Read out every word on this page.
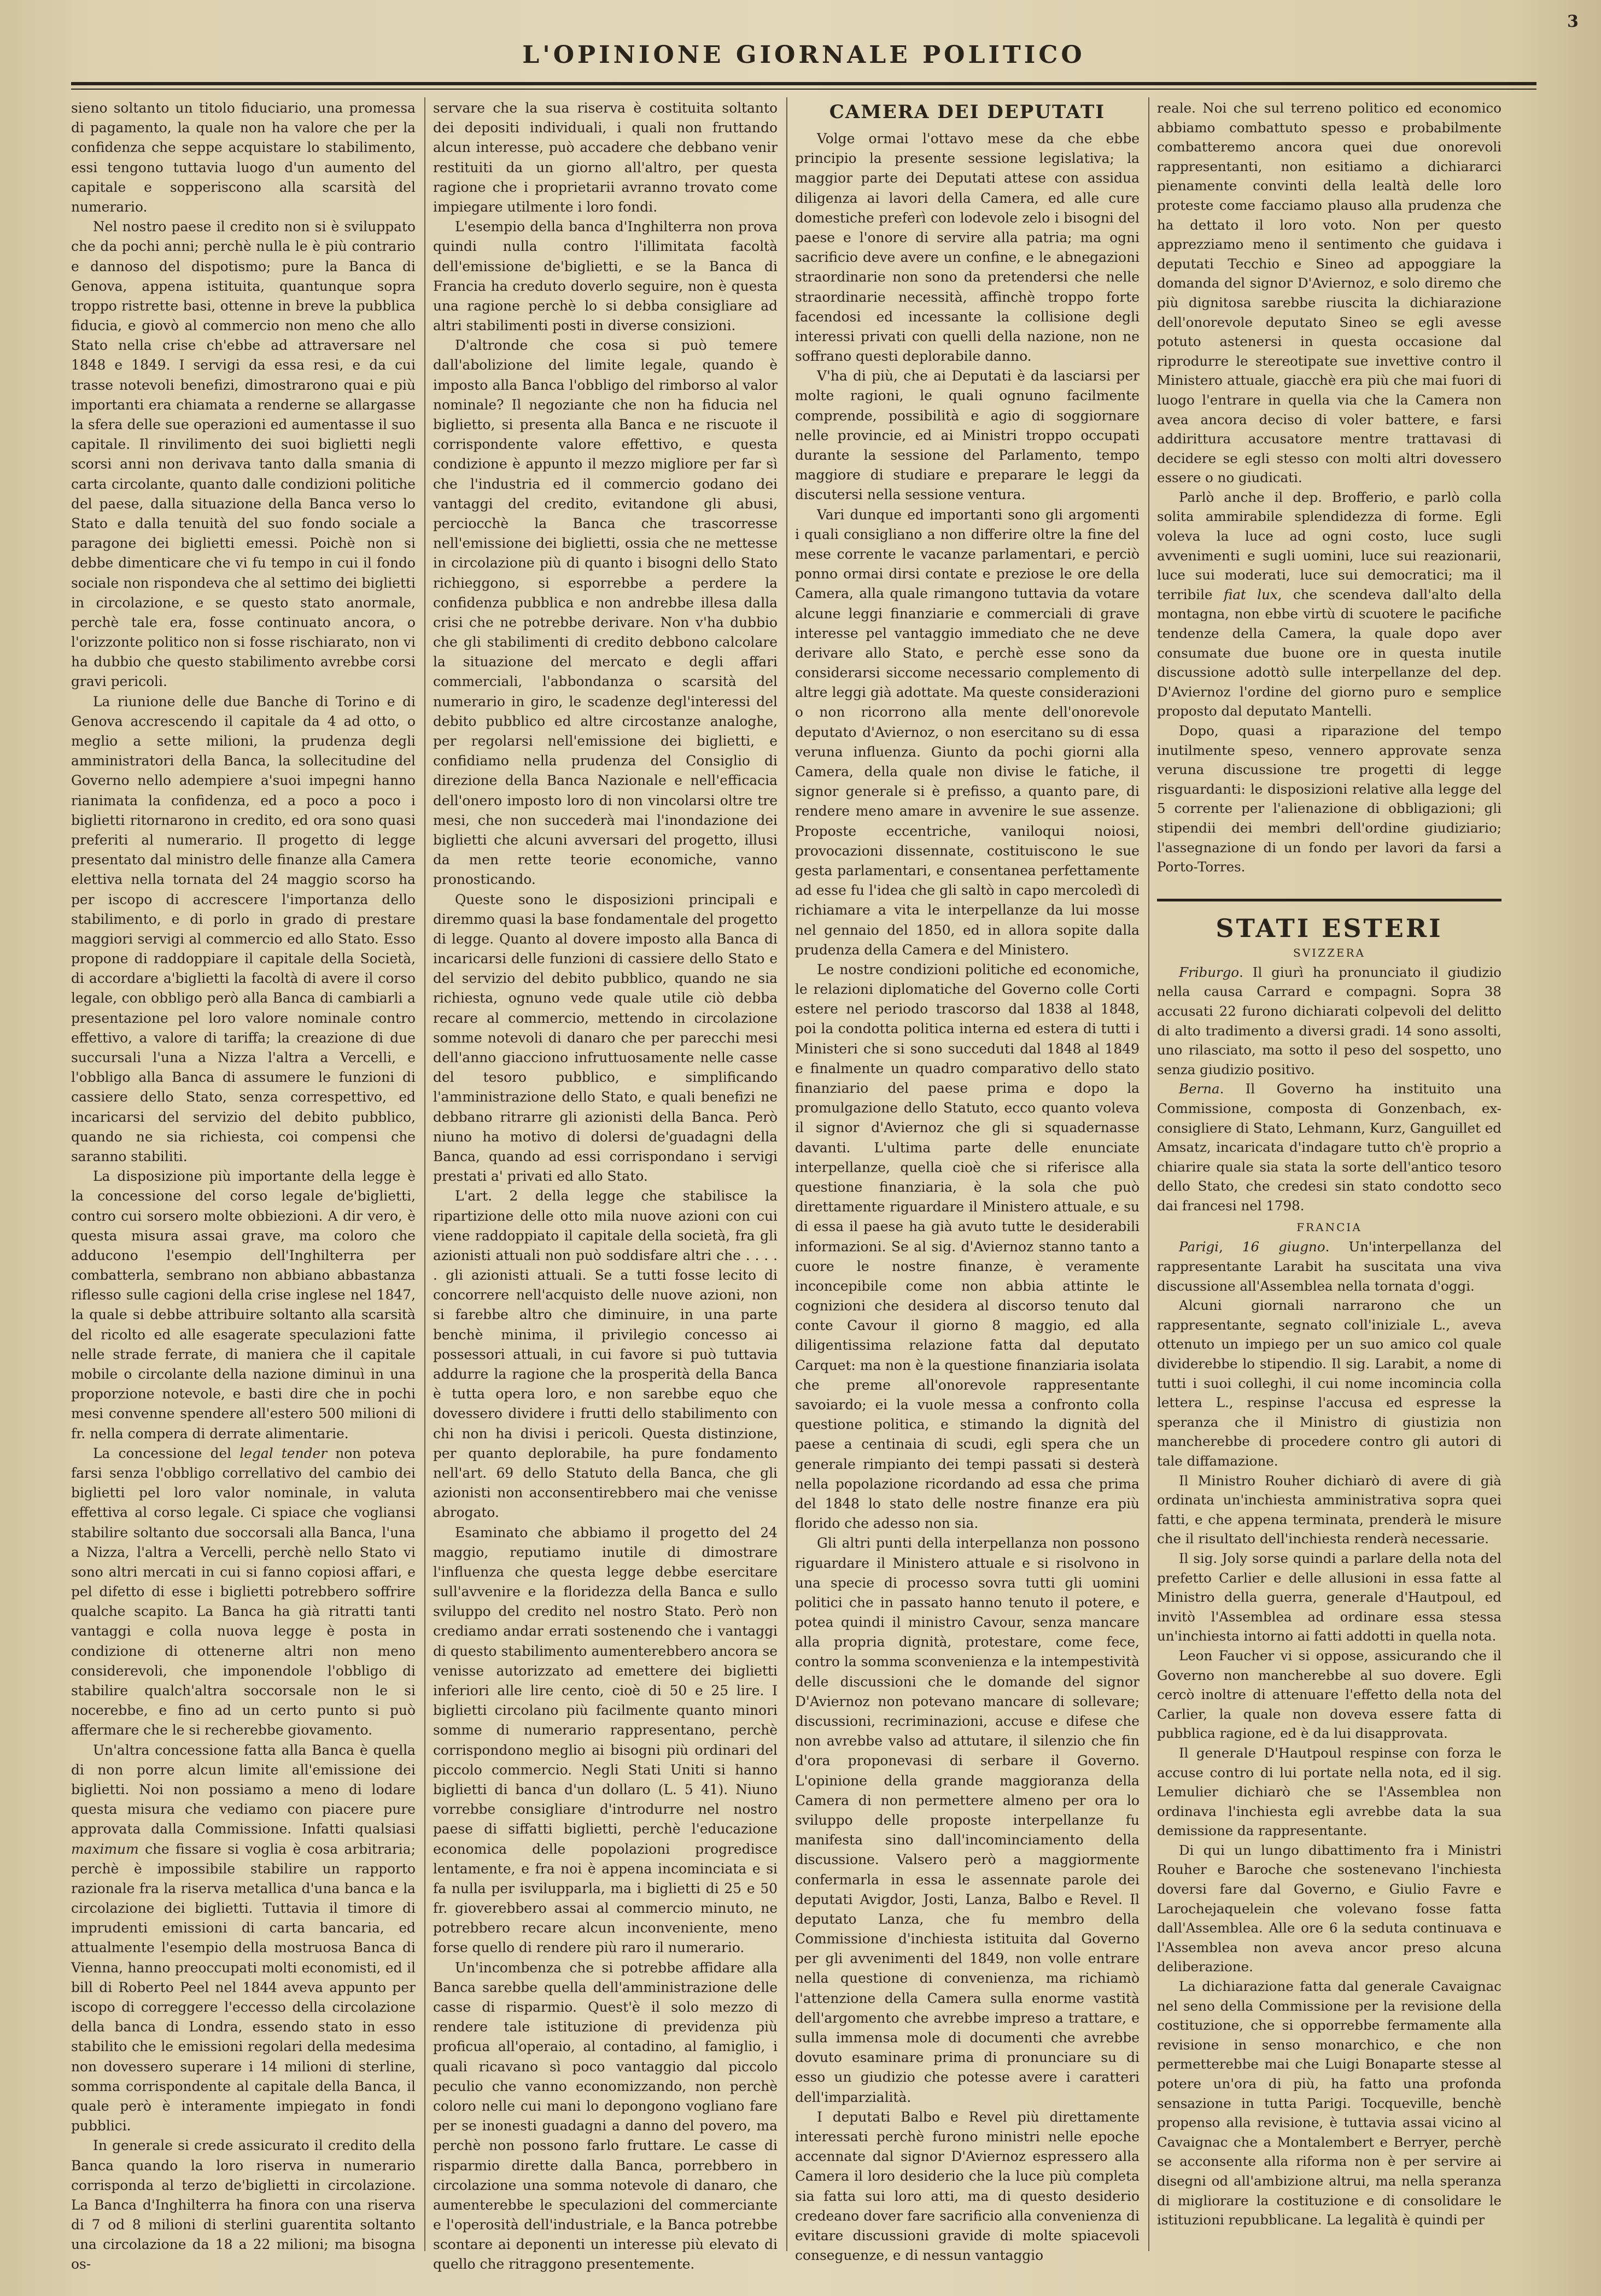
3
L'OPINIONE GIORNALE POLITICO

sieno soltanto un titolo fiduciario, una promessa di pagamento, la quale non ha valore che per la confidenza che seppe acquistare lo stabilimento, essi tengono tuttavia luogo d'un aumento del capitale e sopperiscono alla scarsità del numerario.

Nel nostro paese il credito non si è sviluppato che da pochi anni; perchè nulla le è più contrario e dannoso del dispotismo; pure la Banca di Genova, appena istituita, quantunque sopra troppo ristrette basi, ottenne in breve la pubblica fiducia, e giovò al commercio non meno che allo Stato nella crise ch'ebbe ad attraversare nel 1848 e 1849. I servigi da essa resi, e da cui trasse notevoli benefizi, dimostrarono quai e più importanti era chiamata a renderne se allargasse la sfera delle sue operazioni ed aumentasse il suo capitale. Il rinvilimento dei suoi biglietti negli scorsi anni non derivava tanto dalla smania di carta circolante, quanto dalle condizioni politiche del paese, dalla situazione della Banca verso lo Stato e dalla tenuità del suo fondo sociale a paragone dei biglietti emessi. Poichè non si debbe dimenticare che vi fu tempo in cui il fondo sociale non rispondeva che al settimo dei biglietti in circolazione, e se questo stato anormale, perchè tale era, fosse continuato ancora, o l'orizzonte politico non si fosse rischiarato, non vi ha dubbio che questo stabilimento avrebbe corsi gravi pericoli.

La riunione delle due Banche di Torino e di Genova accrescendo il capitale da 4 ad otto, o meglio a sette milioni, la prudenza degli amministratori della Banca, la sollecitudine del Governo nello adempiere a'suoi impegni hanno rianimata la confidenza, ed a poco a poco i biglietti ritornarono in credito, ed ora sono quasi preferiti al numerario. Il progetto di legge presentato dal ministro delle finanze alla Camera elettiva nella tornata del 24 maggio scorso ha per iscopo di accrescere l'importanza dello stabilimento, e di porlo in grado di prestare maggiori servigi al commercio ed allo Stato. Esso propone di raddoppiare il capitale della Società, di accordare a'biglietti la facoltà di avere il corso legale, con obbligo però alla Banca di cambiarli a presentazione pel loro valore nominale contro effettivo, a valore di tariffa; la creazione di due succursali l'una a Nizza l'altra a Vercelli, e l'obbligo alla Banca di assumere le funzioni di cassiere dello Stato, senza correspettivo, ed incaricarsi del servizio del debito pubblico, quando ne sia richiesta, coi compensi che saranno stabiliti.

La disposizione più importante della legge è la concessione del corso legale de'biglietti, contro cui sorsero molte obbiezioni. A dir vero, è questa misura assai grave, ma coloro che adducono l'esempio dell'Inghilterra per combatterla, sembrano non abbiano abbastanza riflesso sulle cagioni della crise inglese nel 1847, la quale si debbe attribuire soltanto alla scarsità del ricolto ed alle esagerate speculazioni fatte nelle strade ferrate, di maniera che il capitale mobile o circolante della nazione diminuì in una proporzione notevole, e basti dire che in pochi mesi convenne spendere all'estero 500 milioni di fr. nella compera di derrate alimentarie.

La concessione del legal tender non poteva farsi senza l'obbligo correllativo del cambio dei biglietti pel loro valor nominale, in valuta effettiva al corso legale. Ci spiace che vogliansi stabilire soltanto due soccorsali alla Banca, l'una a Nizza, l'altra a Vercelli, perchè nello Stato vi sono altri mercati in cui si fanno copiosi affari, e pel difetto di esse i biglietti potrebbero soffrire qualche scapito. La Banca ha già ritratti tanti vantaggi e colla nuova legge è posta in condizione di ottenerne altri non meno considerevoli, che imponendole l'obbligo di stabilire qualch'altra soccorsale non le si nocerebbe, e fino ad un certo punto si può affermare che le si recherebbe giovamento.

Un'altra concessione fatta alla Banca è quella di non porre alcun limite all'emissione dei biglietti. Noi non possiamo a meno di lodare questa misura che vediamo con piacere pure approvata dalla Commissione. Infatti qualsiasi maximum che fissare si voglia è cosa arbitraria; perchè è impossibile stabilire un rapporto razionale fra la riserva metallica d'una banca e la circolazione dei biglietti. Tuttavia il timore di imprudenti emissioni di carta bancaria, ed attualmente l'esempio della mostruosa Banca di Vienna, hanno preoccupati molti economisti, ed il bill di Roberto Peel nel 1844 aveva appunto per iscopo di correggere l'eccesso della circolazione della banca di Londra, essendo stato in esso stabilito che le emissioni regolari della medesima non dovessero superare i 14 milioni di sterline, somma corrispondente al capitale della Banca, il quale però è interamente impiegato in fondi pubblici.

In generale si crede assicurato il credito della Banca quando la loro riserva in numerario corrisponda al terzo de'biglietti in circolazione. La Banca d'Inghilterra ha finora con una riserva di 7 od 8 milioni di sterlini guarentita soltanto una circolazione da 18 a 22 milioni; ma bisogna os-

servare che la sua riserva è costituita soltanto dei depositi individuali, i quali non fruttando alcun interesse, può accadere che debbano venir restituiti da un giorno all'altro, per questa ragione che i proprietarii avranno trovato come impiegare utilmente i loro fondi.

L'esempio della banca d'Inghilterra non prova quindi nulla contro l'illimitata facoltà dell'emissione de'biglietti, e se la Banca di Francia ha creduto doverlo seguire, non è questa una ragione perchè lo si debba consigliare ad altri stabilimenti posti in diverse consizioni.

D'altronde che cosa si può temere dall'abolizione del limite legale, quando è imposto alla Banca l'obbligo del rimborso al valor nominale? Il negoziante che non ha fiducia nel biglietto, si presenta alla Banca e ne riscuote il corrispondente valore effettivo, e questa condizione è appunto il mezzo migliore per far sì che l'industria ed il commercio godano dei vantaggi del credito, evitandone gli abusi, perciocchè la Banca che trascorresse nell'emissione dei biglietti, ossia che ne mettesse in circolazione più di quanto i bisogni dello Stato richieggono, si esporrebbe a perdere la confidenza pubblica e non andrebbe illesa dalla crisi che ne potrebbe derivare. Non v'ha dubbio che gli stabilimenti di credito debbono calcolare la situazione del mercato e degli affari commerciali, l'abbondanza o scarsità del numerario in giro, le scadenze degl'interessi del debito pubblico ed altre circostanze analoghe, per regolarsi nell'emissione dei biglietti, e confidiamo nella prudenza del Consiglio di direzione della Banca Nazionale e nell'efficacia dell'onero imposto loro di non vincolarsi oltre tre mesi, che non succederà mai l'inondazione dei biglietti che alcuni avversari del progetto, illusi da men rette teorie economiche, vanno pronosticando.

Queste sono le disposizioni principali e diremmo quasi la base fondamentale del progetto di legge. Quanto al dovere imposto alla Banca di incaricarsi delle funzioni di cassiere dello Stato e del servizio del debito pubblico, quando ne sia richiesta, ognuno vede quale utile ciò debba recare al commercio, mettendo in circolazione somme notevoli di danaro che per parecchi mesi dell'anno giacciono infruttuosamente nelle casse del tesoro pubblico, e simplificando l'amministrazione dello Stato, e quali benefizi ne debbano ritrarre gli azionisti della Banca. Però niuno ha motivo di dolersi de'guadagni della Banca, quando ad essi corrispondano i servigi prestati a' privati ed allo Stato.

L'art. 2 della legge che stabilisce la ripartizione delle otto mila nuove azioni con cui viene raddoppiato il capitale della società, fra gli azionisti attuali non può soddisfare altri che . . . . . gli azionisti attuali. Se a tutti fosse lecito di concorrere nell'acquisto delle nuove azioni, non si farebbe altro che diminuire, in una parte benchè minima, il privilegio concesso ai possessori attuali, in cui favore si può tuttavia addurre la ragione che la prosperità della Banca è tutta opera loro, e non sarebbe equo che dovessero dividere i frutti dello stabilimento con chi non ha divisi i pericoli. Questa distinzione, per quanto deplorabile, ha pure fondamento nell'art. 69 dello Statuto della Banca, che gli azionisti non acconsentirebbero mai che venisse abrogato.

Esaminato che abbiamo il progetto del 24 maggio, reputiamo inutile di dimostrare l'influenza che questa legge debbe esercitare sull'avvenire e la floridezza della Banca e sullo sviluppo del credito nel nostro Stato. Però non crediamo andar errati sostenendo che i vantaggi di questo stabilimento aumenterebbero ancora se venisse autorizzato ad emettere dei biglietti inferiori alle lire cento, cioè di 50 e 25 lire. I biglietti circolano più facilmente quanto minori somme di numerario rappresentano, perchè corrispondono meglio ai bisogni più ordinari del piccolo commercio. Negli Stati Uniti si hanno biglietti di banca d'un dollaro (L. 5 41). Niuno vorrebbe consigliare d'introdurre nel nostro paese di siffatti biglietti, perchè l'educazione economica delle popolazioni progredisce lentamente, e fra noi è appena incominciata e si fa nulla per isvilupparla, ma i biglietti di 25 e 50 fr. gioverebbero assai al commercio minuto, ne potrebbero recare alcun inconveniente, meno forse quello di rendere più raro il numerario.

Un'incombenza che si potrebbe affidare alla Banca sarebbe quella dell'amministrazione delle casse di risparmio. Quest'è il solo mezzo di rendere tale istituzione di previdenza più proficua all'operaio, al contadino, al famiglio, i quali ricavano sì poco vantaggio dal piccolo peculio che vanno economizzando, non perchè coloro nelle cui mani lo depongono vogliano fare per se inonesti guadagni a danno del povero, ma perchè non possono farlo fruttare. Le casse di risparmio dirette dalla Banca, porrebbero in circolazione una somma notevole di danaro, che aumenterebbe le speculazioni del commerciante e l'operosità dell'industriale, e la Banca potrebbe scontare ai deponenti un interesse più elevato di quello che ritraggono presentemente.

CAMERA DEI DEPUTATI

Volge ormai l'ottavo mese da che ebbe principio la presente sessione legislativa; la maggior parte dei Deputati attese con assidua diligenza ai lavori della Camera, ed alle cure domestiche preferì con lodevole zelo i bisogni del paese e l'onore di servire alla patria; ma ogni sacrificio deve avere un confine, e le abnegazioni straordinarie non sono da pretendersi che nelle straordinarie necessità, affinchè troppo forte facendosi ed incessante la collisione degli interessi privati con quelli della nazione, non ne soffrano questi deplorabile danno.

V'ha di più, che ai Deputati è da lasciarsi per molte ragioni, le quali ognuno facilmente comprende, possibilità e agio di soggiornare nelle provincie, ed ai Ministri troppo occupati durante la sessione del Parlamento, tempo maggiore di studiare e preparare le leggi da discutersi nella sessione ventura.

Vari dunque ed importanti sono gli argomenti i quali consigliano a non differire oltre la fine del mese corrente le vacanze parlamentari, e perciò ponno ormai dirsi contate e preziose le ore della Camera, alla quale rimangono tuttavia da votare alcune leggi finanziarie e commerciali di grave interesse pel vantaggio immediato che ne deve derivare allo Stato, e perchè esse sono da considerarsi siccome necessario complemento di altre leggi già adottate. Ma queste considerazioni o non ricorrono alla mente dell'onorevole deputato d'Aviernoz, o non esercitano su di essa veruna influenza. Giunto da pochi giorni alla Camera, della quale non divise le fatiche, il signor generale si è prefisso, a quanto pare, di rendere meno amare in avvenire le sue assenze. Proposte eccentriche, vaniloqui noiosi, provocazioni dissennate, costituiscono le sue gesta parlamentari, e consentanea perfettamente ad esse fu l'idea che gli saltò in capo mercoledì di richiamare a vita le interpellanze da lui mosse nel gennaio del 1850, ed in allora sopite dalla prudenza della Camera e del Ministero.

Le nostre condizioni politiche ed economiche, le relazioni diplomatiche del Governo colle Corti estere nel periodo trascorso dal 1838 al 1848, poi la condotta politica interna ed estera di tutti i Ministeri che si sono succeduti dal 1848 al 1849 e finalmente un quadro comparativo dello stato finanziario del paese prima e dopo la promulgazione dello Statuto, ecco quanto voleva il signor d'Aviernoz che gli si squadernasse davanti. L'ultima parte delle enunciate interpellanze, quella cioè che si riferisce alla questione finanziaria, è la sola che può direttamente riguardare il Ministero attuale, e su di essa il paese ha già avuto tutte le desiderabili informazioni. Se al sig. d'Aviernoz stanno tanto a cuore le nostre finanze, è veramente inconcepibile come non abbia attinte le cognizioni che desidera al discorso tenuto dal conte Cavour il giorno 8 maggio, ed alla diligentissima relazione fatta dal deputato Carquet: ma non è la questione finanziaria isolata che preme all'onorevole rappresentante savoiardo; ei la vuole messa a confronto colla questione politica, e stimando la dignità del paese a centinaia di scudi, egli spera che un generale rimpianto dei tempi passati si desterà nella popolazione ricordando ad essa che prima del 1848 lo stato delle nostre finanze era più florido che adesso non sia.

Gli altri punti della interpellanza non possono riguardare il Ministero attuale e si risolvono in una specie di processo sovra tutti gli uomini politici che in passato hanno tenuto il potere, e potea quindi il ministro Cavour, senza mancare alla propria dignità, protestare, come fece, contro la somma sconvenienza e la intempestività delle discussioni che le domande del signor D'Aviernoz non potevano mancare di sollevare; discussioni, recriminazioni, accuse e difese che non avrebbe valso ad attutare, il silenzio che fin d'ora proponevasi di serbare il Governo. L'opinione della grande maggioranza della Camera di non permettere almeno per ora lo sviluppo delle proposte interpellanze fu manifesta sino dall'incominciamento della discussione. Valsero però a maggiormente confermarla in essa le assennate parole dei deputati Avigdor, Josti, Lanza, Balbo e Revel. Il deputato Lanza, che fu membro della Commissione d'inchiesta istituita dal Governo per gli avvenimenti del 1849, non volle entrare nella questione di convenienza, ma richiamò l'attenzione della Camera sulla enorme vastità dell'argomento che avrebbe impreso a trattare, e sulla immensa mole di documenti che avrebbe dovuto esaminare prima di pronunciare su di esso un giudizio che potesse avere i caratteri dell'imparzialità.

I deputati Balbo e Revel più direttamente interessati perchè furono ministri nelle epoche accennate dal signor D'Aviernoz espressero alla Camera il loro desiderio che la luce più completa sia fatta sui loro atti, ma di questo desiderio credeano dover fare sacrificio alla convenienza di evitare discussioni gravide di molte spiacevoli conseguenze, e di nessun vantaggio

reale. Noi che sul terreno politico ed economico abbiamo combattuto spesso e probabilmente combatteremo ancora quei due onorevoli rappresentanti, non esitiamo a dichiararci pienamente convinti della lealtà delle loro proteste come facciamo plauso alla prudenza che ha dettato il loro voto. Non per questo apprezziamo meno il sentimento che guidava i deputati Tecchio e Sineo ad appoggiare la domanda del signor D'Aviernoz, e solo diremo che più dignitosa sarebbe riuscita la dichiarazione dell'onorevole deputato Sineo se egli avesse potuto astenersi in questa occasione dal riprodurre le stereotipate sue invettive contro il Ministero attuale, giacchè era più che mai fuori di luogo l'entrare in quella via che la Camera non avea ancora deciso di voler battere, e farsi addirittura accusatore mentre trattavasi di decidere se egli stesso con molti altri dovessero essere o no giudicati.

Parlò anche il dep. Brofferio, e parlò colla solita ammirabile splendidezza di forme. Egli voleva la luce ad ogni costo, luce sugli avvenimenti e sugli uomini, luce sui reazionarii, luce sui moderati, luce sui democratici; ma il terribile fiat lux, che scendeva dall'alto della montagna, non ebbe virtù di scuotere le pacifiche tendenze della Camera, la quale dopo aver consumate due buone ore in questa inutile discussione adottò sulle interpellanze del dep. D'Aviernoz l'ordine del giorno puro e semplice proposto dal deputato Mantelli.

Dopo, quasi a riparazione del tempo inutilmente speso, vennero approvate senza veruna discussione tre progetti di legge risguardanti: le disposizioni relative alla legge del 5 corrente per l'alienazione di obbligazioni; gli stipendii dei membri dell'ordine giudiziario; l'assegnazione di un fondo per lavori da farsi a Porto-Torres.

STATI ESTERI
SVIZZERA

Friburgo. Il giurì ha pronunciato il giudizio nella causa Carrard e compagni. Sopra 38 accusati 22 furono dichiarati colpevoli del delitto di alto tradimento a diversi gradi. 14 sono assolti, uno rilasciato, ma sotto il peso del sospetto, uno senza giudizio positivo.

Berna. Il Governo ha instituito una Commissione, composta di Gonzenbach, ex-consigliere di Stato, Lehmann, Kurz, Ganguillet ed Amsatz, incaricata d'indagare tutto ch'è proprio a chiarire quale sia stata la sorte dell'antico tesoro dello Stato, che credesi sin stato condotto seco dai francesi nel 1798.

FRANCIA

Parigi, 16 giugno. Un'interpellanza del rappresentante Larabit ha suscitata una viva discussione all'Assemblea nella tornata d'oggi.

Alcuni giornali narrarono che un rappresentante, segnato coll'iniziale L., aveva ottenuto un impiego per un suo amico col quale dividerebbe lo stipendio. Il sig. Larabit, a nome di tutti i suoi colleghi, il cui nome incomincia colla lettera L., respinse l'accusa ed espresse la speranza che il Ministro di giustizia non mancherebbe di procedere contro gli autori di tale diffamazione.

Il Ministro Rouher dichiarò di avere di già ordinata un'inchiesta amministrativa sopra quei fatti, e che appena terminata, prenderà le misure che il risultato dell'inchiesta renderà necessarie.

Il sig. Joly sorse quindi a parlare della nota del prefetto Carlier e delle allusioni in essa fatte al Ministro della guerra, generale d'Hautpoul, ed invitò l'Assemblea ad ordinare essa stessa un'inchiesta intorno ai fatti addotti in quella nota.

Leon Faucher vi si oppose, assicurando che il Governo non mancherebbe al suo dovere. Egli cercò inoltre di attenuare l'effetto della nota del Carlier, la quale non doveva essere fatta di pubblica ragione, ed è da lui disapprovata.

Il generale D'Hautpoul respinse con forza le accuse contro di lui portate nella nota, ed il sig. Lemulier dichiarò che se l'Assemblea non ordinava l'inchiesta egli avrebbe data la sua demissione da rappresentante.

Di qui un lungo dibattimento fra i Ministri Rouher e Baroche che sostenevano l'inchiesta doversi fare dal Governo, e Giulio Favre e Larochejaquelein che volevano fosse fatta dall'Assemblea. Alle ore 6 la seduta continuava e l'Assemblea non aveva ancor preso alcuna deliberazione.

La dichiarazione fatta dal generale Cavaignac nel seno della Commissione per la revisione della costituzione, che si opporrebbe fermamente alla revisione in senso monarchico, e che non permetterebbe mai che Luigi Bonaparte stesse al potere un'ora di più, ha fatto una profonda sensazione in tutta Parigi. Tocqueville, benchè propenso alla revisione, è tuttavia assai vicino al Cavaignac che a Montalembert e Berryer, perchè se acconsente alla riforma non è per servire ai disegni od all'ambizione altrui, ma nella speranza di migliorare la costituzione e di consolidare le istituzioni repubblicane. La legalità è quindi per
